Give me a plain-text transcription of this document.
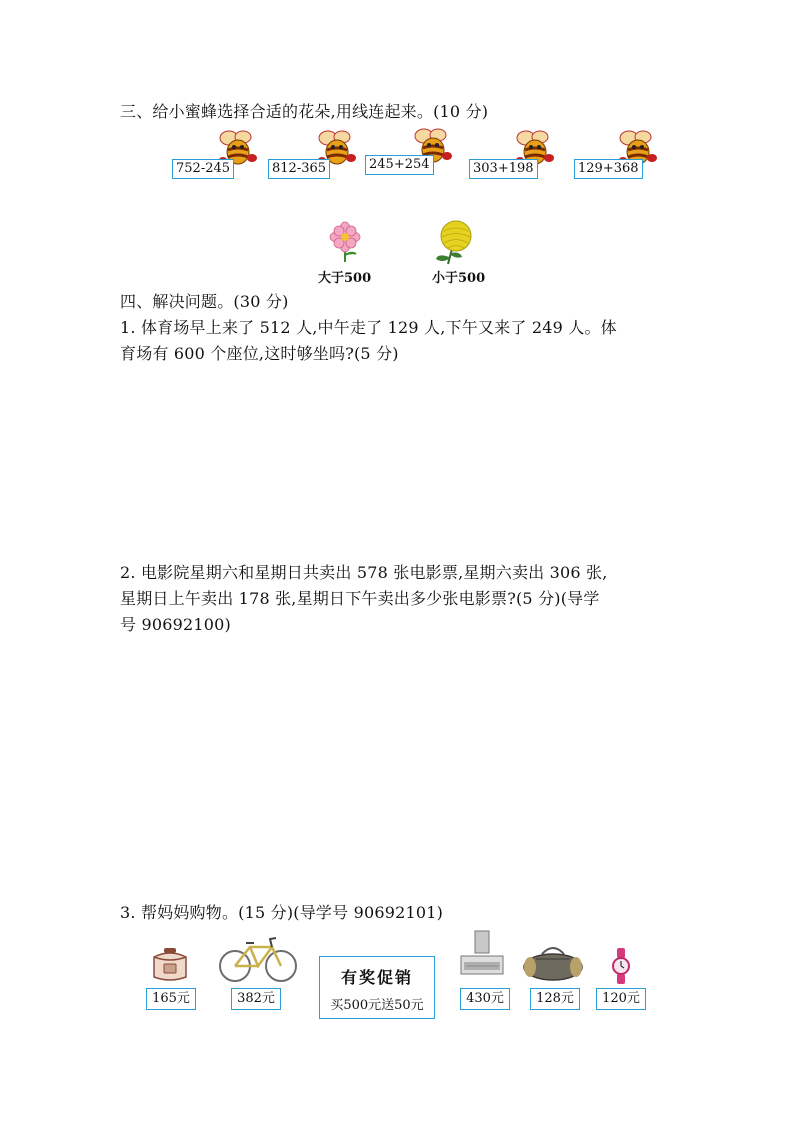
三、给小蜜蜂选择合适的花朵,用线连起来。(10 分)
752-245	812-365	245+254	303+198	129+368
大于500	小于500
四、解决问题。(30 分)
1. 体育场早上来了 512 人,中午走了 129 人,下午又来了 249 人。体
育场有 600 个座位,这时够坐吗?(5 分)
2. 电影院星期六和星期日共卖出 578 张电影票,星期六卖出 306 张,
星期日上午卖出 178 张,星期日下午卖出多少张电影票?(5 分)(导学
号 90692100)
3. 帮妈妈购物。(15 分)(导学号 90692101)
165元	382元	430元	128元	120元
有奖促销
买500元送50元
